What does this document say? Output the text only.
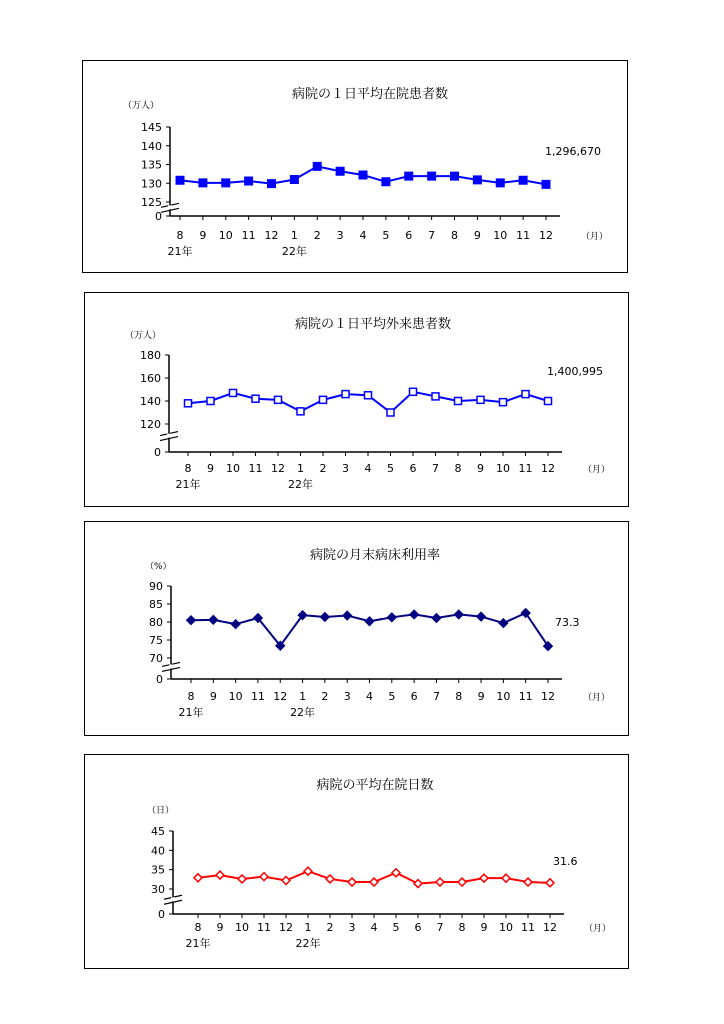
病院の１日平均在院患者数
（万人）
145
140
135
130
125
0
8 9 10 11 12 1 2 3 4 5 6 7 8 9 10 11 12
21年	22年
（月）
1,296,670
病院の１日平均外来患者数
（万人）
180
160
140
120
0
8 9 10 11 12 1 2 3 4 5 6 7 8 9 10 11 12
21年	22年
（月）
1,400,995
病院の月末病床利用率
（%）
90
85
80
75
70
0
8 9 10 11 12 1 2 3 4 5 6 7 8 9 10 11 12
21年	22年
（月）
73.3
病院の平均在院日数
（日）
45
40
35
30
0
8 9 10 11 12 1 2 3 4 5 6 7 8 9 10 11 12
21年	22年
（月）
31.6
